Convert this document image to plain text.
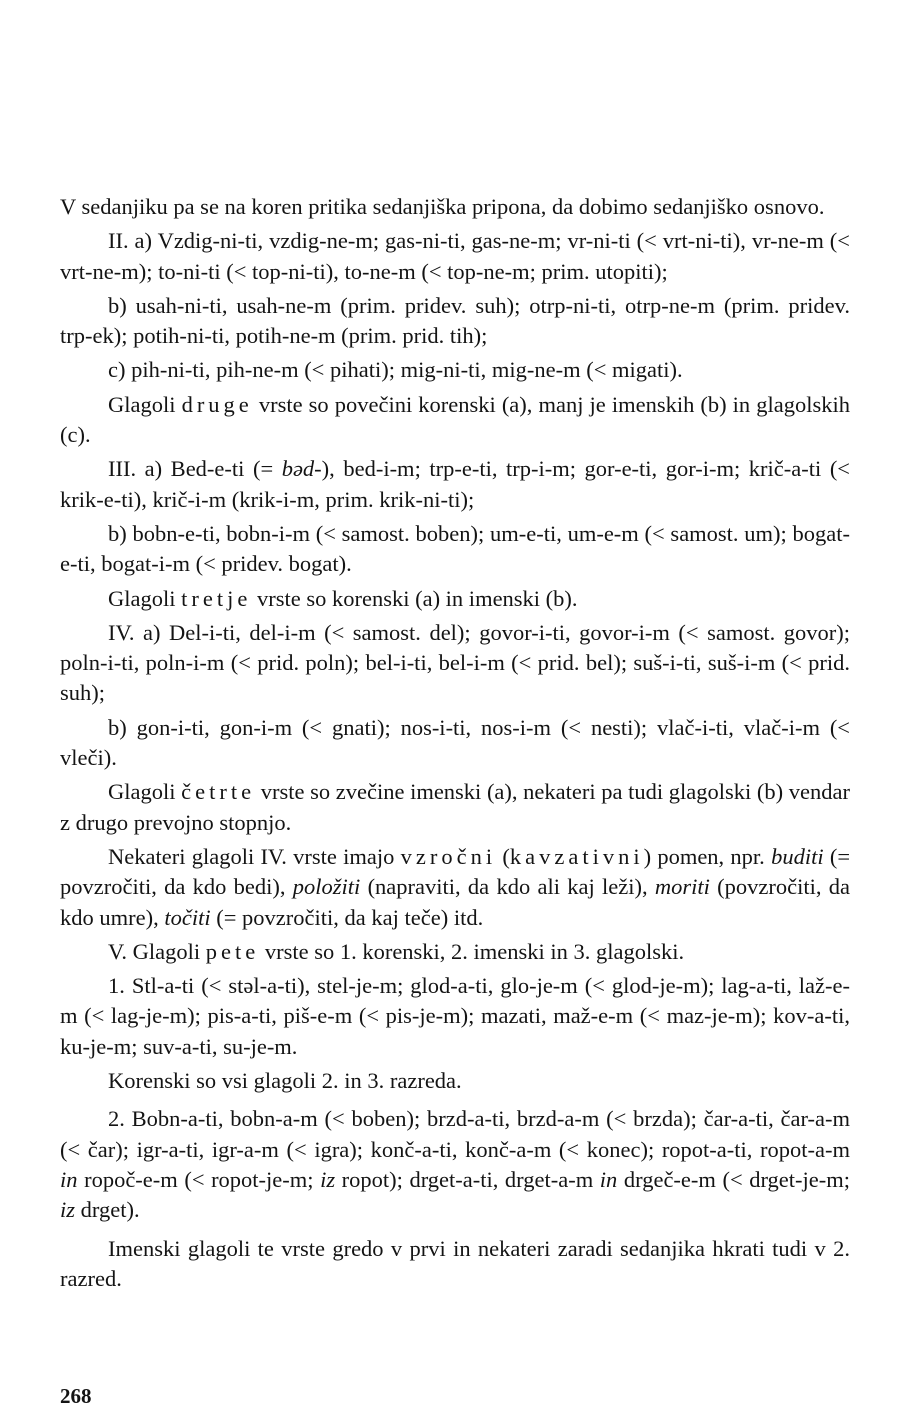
V sedanjiku pa se na koren pritika sedanjiška pripona, da dobimo sedanjiško osnovo.

II. a) Vzdig-ni-ti, vzdig-ne-m; gas-ni-ti, gas-ne-m; vr-ni-ti (< vrt-ni-ti), vr-ne-m (< vrt-ne-m); to-ni-ti (< top-ni-ti), to-ne-m (< top-ne-m; prim. utopiti);

b) usah-ni-ti, usah-ne-m (prim. pridev. suh); otrp-ni-ti, otrp-ne-m (prim. pridev. trp-ek); potih-ni-ti, potih-ne-m (prim. prid. tih);

c) pih-ni-ti, pih-ne-m (< pihati); mig-ni-ti, mig-ne-m (< migati).

Glagoli druge vrste so povečini korenski (a), manj je imenskih (b) in glagolskih (c).

III. a) Bed-e-ti (= bəd-), bed-i-m; trp-e-ti, trp-i-m; gor-e-ti, gor-i-m; krič-a-ti (< krik-e-ti), krič-i-m (krik-i-m, prim. krik-ni-ti);

b) bobn-e-ti, bobn-i-m (< samost. boben); um-e-ti, um-e-m (< samost. um); bogat-e-ti, bogat-i-m (< pridev. bogat).

Glagoli tretje vrste so korenski (a) in imenski (b).

IV. a) Del-i-ti, del-i-m (< samost. del); govor-i-ti, govor-i-m (< samost. govor); poln-i-ti, poln-i-m (< prid. poln); bel-i-ti, bel-i-m (< prid. bel); suš-i-ti, suš-i-m (< prid. suh);

b) gon-i-ti, gon-i-m (< gnati); nos-i-ti, nos-i-m (< nesti); vlač-i-ti, vlač-i-m (< vleči).

Glagoli četrte vrste so zvečine imenski (a), nekateri pa tudi glagolski (b) vendar z drugo prevojno stopnjo.

Nekateri glagoli IV. vrste imajo vzročni (kavzativni) pomen, npr. buditi (= povzročiti, da kdo bedi), položiti (napraviti, da kdo ali kaj leži), moriti (povzročiti, da kdo umre), točiti (= povzročiti, da kaj teče) itd.

V. Glagoli pete vrste so 1. korenski, 2. imenski in 3. glagolski.

1. Stl-a-ti (< stəl-a-ti), stel-je-m; glod-a-ti, glo-je-m (< glod-je-m); lag-a-ti, laž-e-m (< lag-je-m); pis-a-ti, piš-e-m (< pis-je-m); mazati, maž-e-m (< maz-je-m); kov-a-ti, ku-je-m; suv-a-ti, su-je-m.

Korenski so vsi glagoli 2. in 3. razreda.

2. Bobn-a-ti, bobn-a-m (< boben); brzd-a-ti, brzd-a-m (< brzda); čar-a-ti, čar-a-m (< čar); igr-a-ti, igr-a-m (< igra); konč-a-ti, konč-a-m (< konec); ropot-a-ti, ropot-a-m in ropoč-e-m (< ropot-je-m; iz ropot); drget-a-ti, drget-a-m in drgeč-e-m (< drget-je-m; iz drget).

Imenski glagoli te vrste gredo v prvi in nekateri zaradi sedanjika hkrati tudi v 2. razred.

268
